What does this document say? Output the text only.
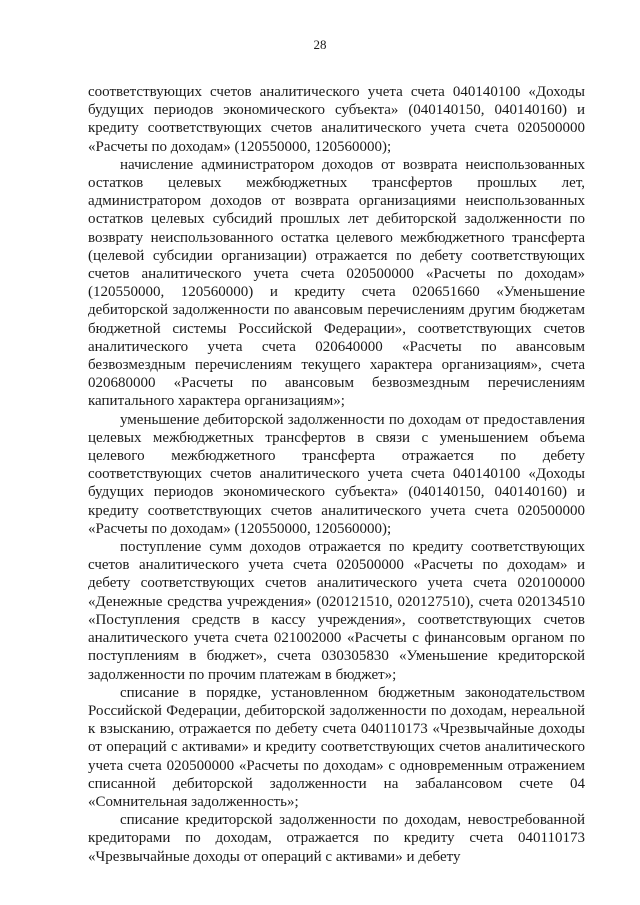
28

соответствующих счетов аналитического учета счета 040140100 «Доходы будущих периодов экономического субъекта» (040140150, 040140160) и кредиту соответствующих счетов аналитического учета счета 020500000 «Расчеты по доходам» (120550000, 120560000);

начисление администратором доходов от возврата неиспользованных остатков целевых межбюджетных трансфертов прошлых лет, администратором доходов от возврата организациями неиспользованных остатков целевых субсидий прошлых лет дебиторской задолженности по возврату неиспользованного остатка целевого межбюджетного трансферта (целевой субсидии организации) отражается по дебету соответствующих счетов аналитического учета счета 020500000 «Расчеты по доходам» (120550000, 120560000) и кредиту счета 020651660 «Уменьшение дебиторской задолженности по авансовым перечислениям другим бюджетам бюджетной системы Российской Федерации», соответствующих счетов аналитического учета счета 020640000 «Расчеты по авансовым безвозмездным перечислениям текущего характера организациям», счета 020680000 «Расчеты по авансовым безвозмездным перечислениям капитального характера организациям»;

уменьшение дебиторской задолженности по доходам от предоставления целевых межбюджетных трансфертов в связи с уменьшением объема целевого межбюджетного трансферта отражается по дебету соответствующих счетов аналитического учета счета 040140100 «Доходы будущих периодов экономического субъекта» (040140150, 040140160) и кредиту соответствующих счетов аналитического учета счета 020500000 «Расчеты по доходам» (120550000, 120560000);

поступление сумм доходов отражается по кредиту соответствующих счетов аналитического учета счета 020500000 «Расчеты по доходам» и дебету соответствующих счетов аналитического учета счета 020100000 «Денежные средства учреждения» (020121510, 020127510), счета 020134510 «Поступления средств в кассу учреждения», соответствующих счетов аналитического учета счета 021002000 «Расчеты с финансовым органом по поступлениям в бюджет», счета 030305830 «Уменьшение кредиторской задолженности по прочим платежам в бюджет»;

списание в порядке, установленном бюджетным законодательством Российской Федерации, дебиторской задолженности по доходам, нереальной к взысканию, отражается по дебету счета 040110173 «Чрезвычайные доходы от операций с активами» и кредиту соответствующих счетов аналитического учета счета 020500000 «Расчеты по доходам» с одновременным отражением списанной дебиторской задолженности на забалансовом счете 04 «Сомнительная задолженность»;

списание кредиторской задолженности по доходам, невостребованной кредиторами по доходам, отражается по кредиту счета 040110173 «Чрезвычайные доходы от операций с активами» и дебету
